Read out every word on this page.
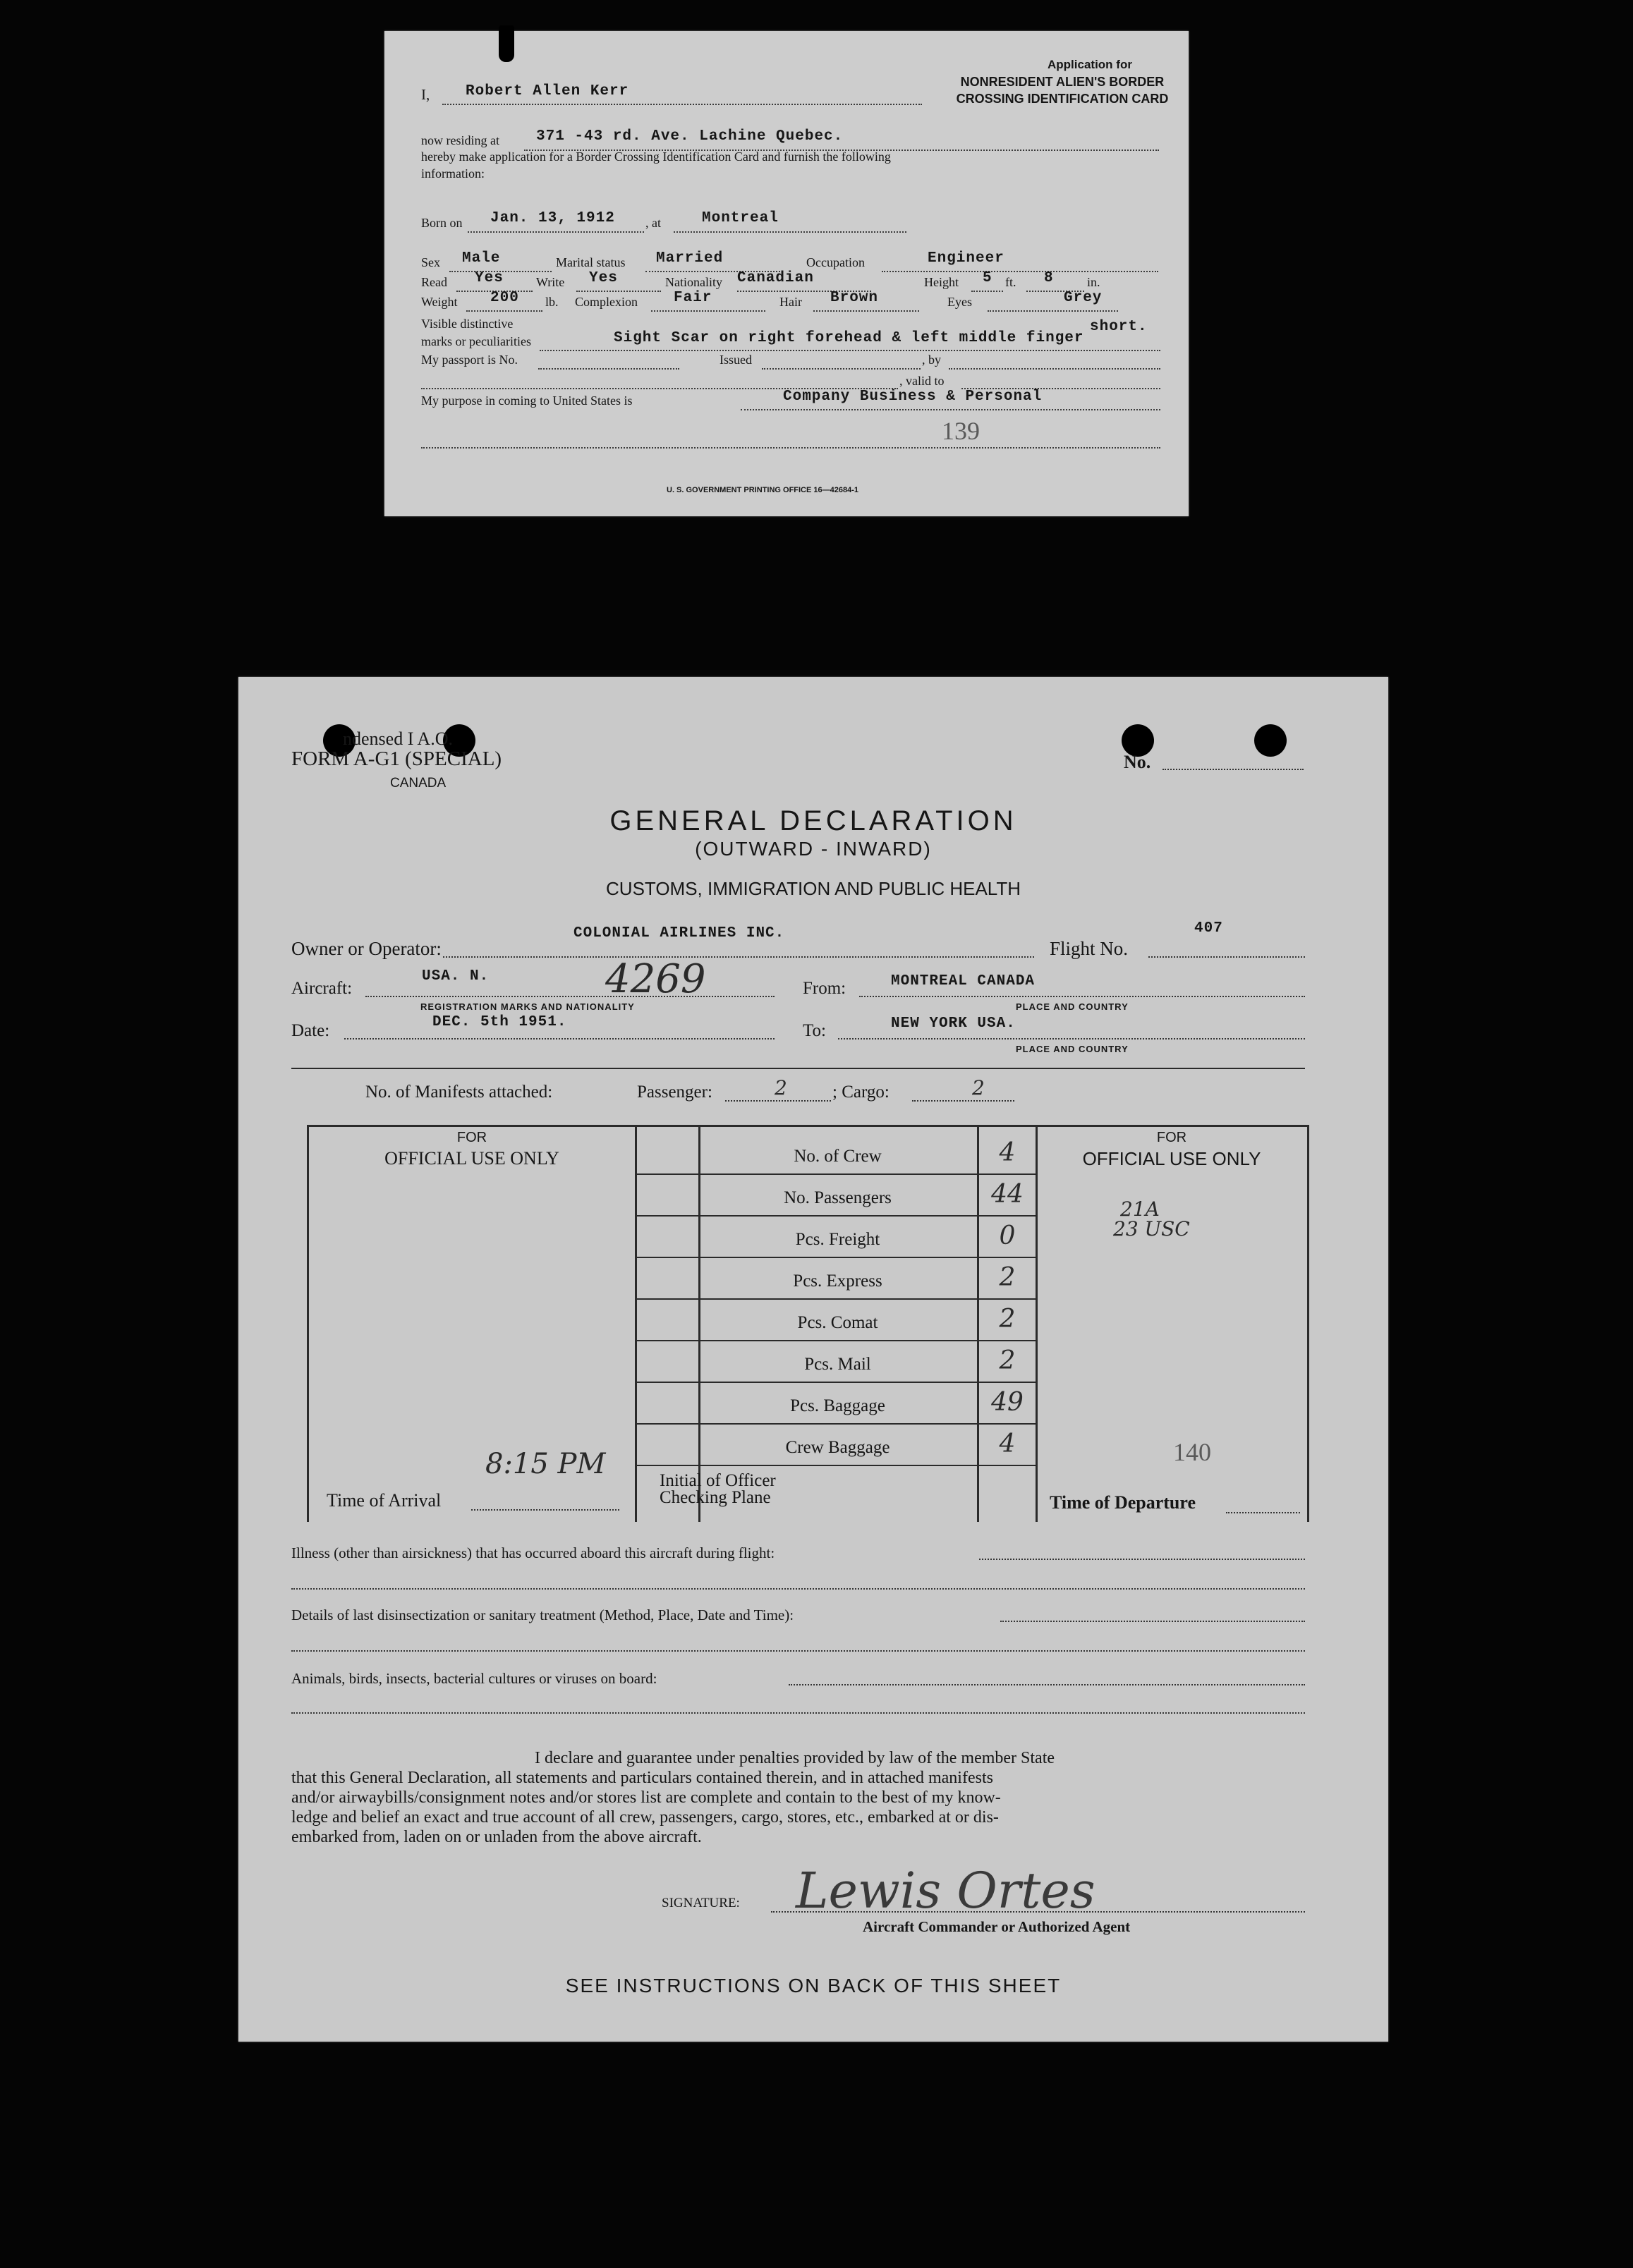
Application for
NONRESIDENT ALIEN'S BORDER
CROSSING IDENTIFICATION CARD
I, Robert Allen Kerr
now residing at 371 -43 rd. Ave. Lachine Quebec.
hereby make application for a Border Crossing Identification Card and furnish the following
information:
Born on Jan. 13, 1912 , at	Montreal
Sex Male	Marital status Married	Occupation	Engineer
Read Yes	Write Yes	Nationality Canadian	Height 5 ft. 8	in.
Weight 200 lb. Complexion Fair	Hair Brown	Eyes	Grey
Visible distinctive
marks or peculiarities	Sight Scar on right forehead & left middle finger
short.
My passport is No.	Issued	, by
, valid to
My purpose in coming to United States is	Company Business & Personal
139
U. S. GOVERNMENT PRINTING OFFICE 16—42684-1
ndensed I A.O.
FORM A-G1 (SPECIAL)
CANADA
No.
GENERAL DECLARATION
(OUTWARD - INWARD)
CUSTOMS, IMMIGRATION AND PUBLIC HEALTH
Owner or Operator:
COLONIAL AIRLINES INC.
Flight No.
407
Aircraft:
USA. N.	4269
REGISTRATION MARKS AND NATIONALITY
From:	MONTREAL CANADA
PLACE AND COUNTRY
Date:	DEC. 5th 1951.	To:	NEW YORK USA.
PLACE AND COUNTRY
No. of Manifests attached:	Passenger:	2	; Cargo:	2
FOR
OFFICIAL USE ONLY
FOR
OFFICIAL USE ONLY
8:15 PM
Time of Arrival
Initial of Officer
Checking Plane
21A
23 USC
140
Time of Departure
No. of Crew	4
No. Passengers	44
Pcs. Freight	0
Pcs. Express	2
Pcs. Comat	2
Pcs. Mail	2
Pcs. Baggage	49
Crew Baggage	4
Illness (other than airsickness) that has occurred aboard this aircraft during flight:
Details of last disinsectization or sanitary treatment (Method, Place, Date and Time):
Animals, birds, insects, bacterial cultures or viruses on board:
I declare and guarantee under penalties provided by law of the member State
that this General Declaration, all statements and particulars contained therein, and in attached manifests
and/or airwaybills/consignment notes and/or stores list are complete and contain to the best of my know-
ledge and belief an exact and true account of all crew, passengers, cargo, stores, etc., embarked at or dis-
embarked from, laden on or unladen from the above aircraft.
SIGNATURE: Lewis Ortes
Aircraft Commander or Authorized Agent
SEE INSTRUCTIONS ON BACK OF THIS SHEET
